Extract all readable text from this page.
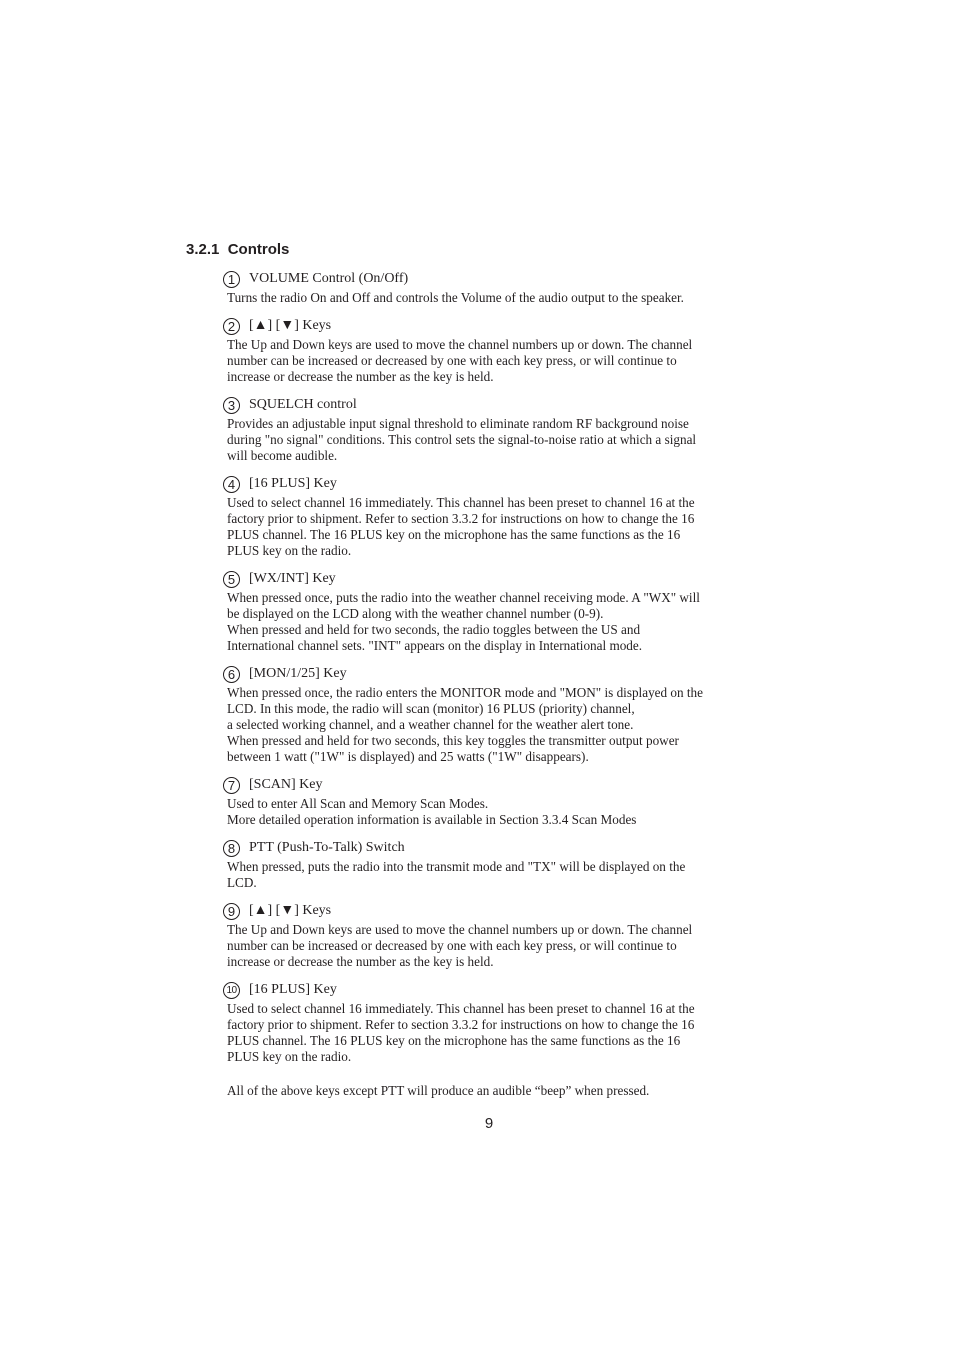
3.2.1 Controls
1 VOLUME Control (On/Off)
Turns the radio On and Off and controls the Volume of the audio output to the speaker.
2 [▲] [▼] Keys
The Up and Down keys are used to move the channel numbers up or down. The channel
number can be increased or decreased by one with each key press, or will continue to
increase or decrease the number as the key is held.
3 SQUELCH control
Provides an adjustable input signal threshold to eliminate random RF background noise
during "no signal" conditions. This control sets the signal-to-noise ratio at which a signal
will become audible.
4 [16 PLUS] Key
Used to select channel 16 immediately. This channel has been preset to channel 16 at the
factory prior to shipment. Refer to section 3.3.2 for instructions on how to change the 16
PLUS channel. The 16 PLUS key on the microphone has the same functions as the 16
PLUS key on the radio.
5 [WX/INT] Key
When pressed once, puts the radio into the weather channel receiving mode. A "WX" will
be displayed on the LCD along with the weather channel number (0-9).
When pressed and held for two seconds, the radio toggles between the US and
International channel sets. "INT" appears on the display in International mode.
6 [MON/1/25] Key
When pressed once, the radio enters the MONITOR mode and "MON" is displayed on the
LCD. In this mode, the radio will scan (monitor) 16 PLUS (priority) channel,
a selected working channel, and a weather channel for the weather alert tone.
When pressed and held for two seconds, this key toggles the transmitter output power
between 1 watt ("1W" is displayed) and 25 watts ("1W" disappears).
7 [SCAN] Key
Used to enter All Scan and Memory Scan Modes.
More detailed operation information is available in Section 3.3.4 Scan Modes
8 PTT (Push-To-Talk) Switch
When pressed, puts the radio into the transmit mode and "TX" will be displayed on the
LCD.
9 [▲] [▼] Keys
The Up and Down keys are used to move the channel numbers up or down. The channel
number can be increased or decreased by one with each key press, or will continue to
increase or decrease the number as the key is held.
10 [16 PLUS] Key
Used to select channel 16 immediately. This channel has been preset to channel 16 at the
factory prior to shipment. Refer to section 3.3.2 for instructions on how to change the 16
PLUS channel. The 16 PLUS key on the microphone has the same functions as the 16
PLUS key on the radio.
All of the above keys except PTT will produce an audible “beep” when pressed.
9
